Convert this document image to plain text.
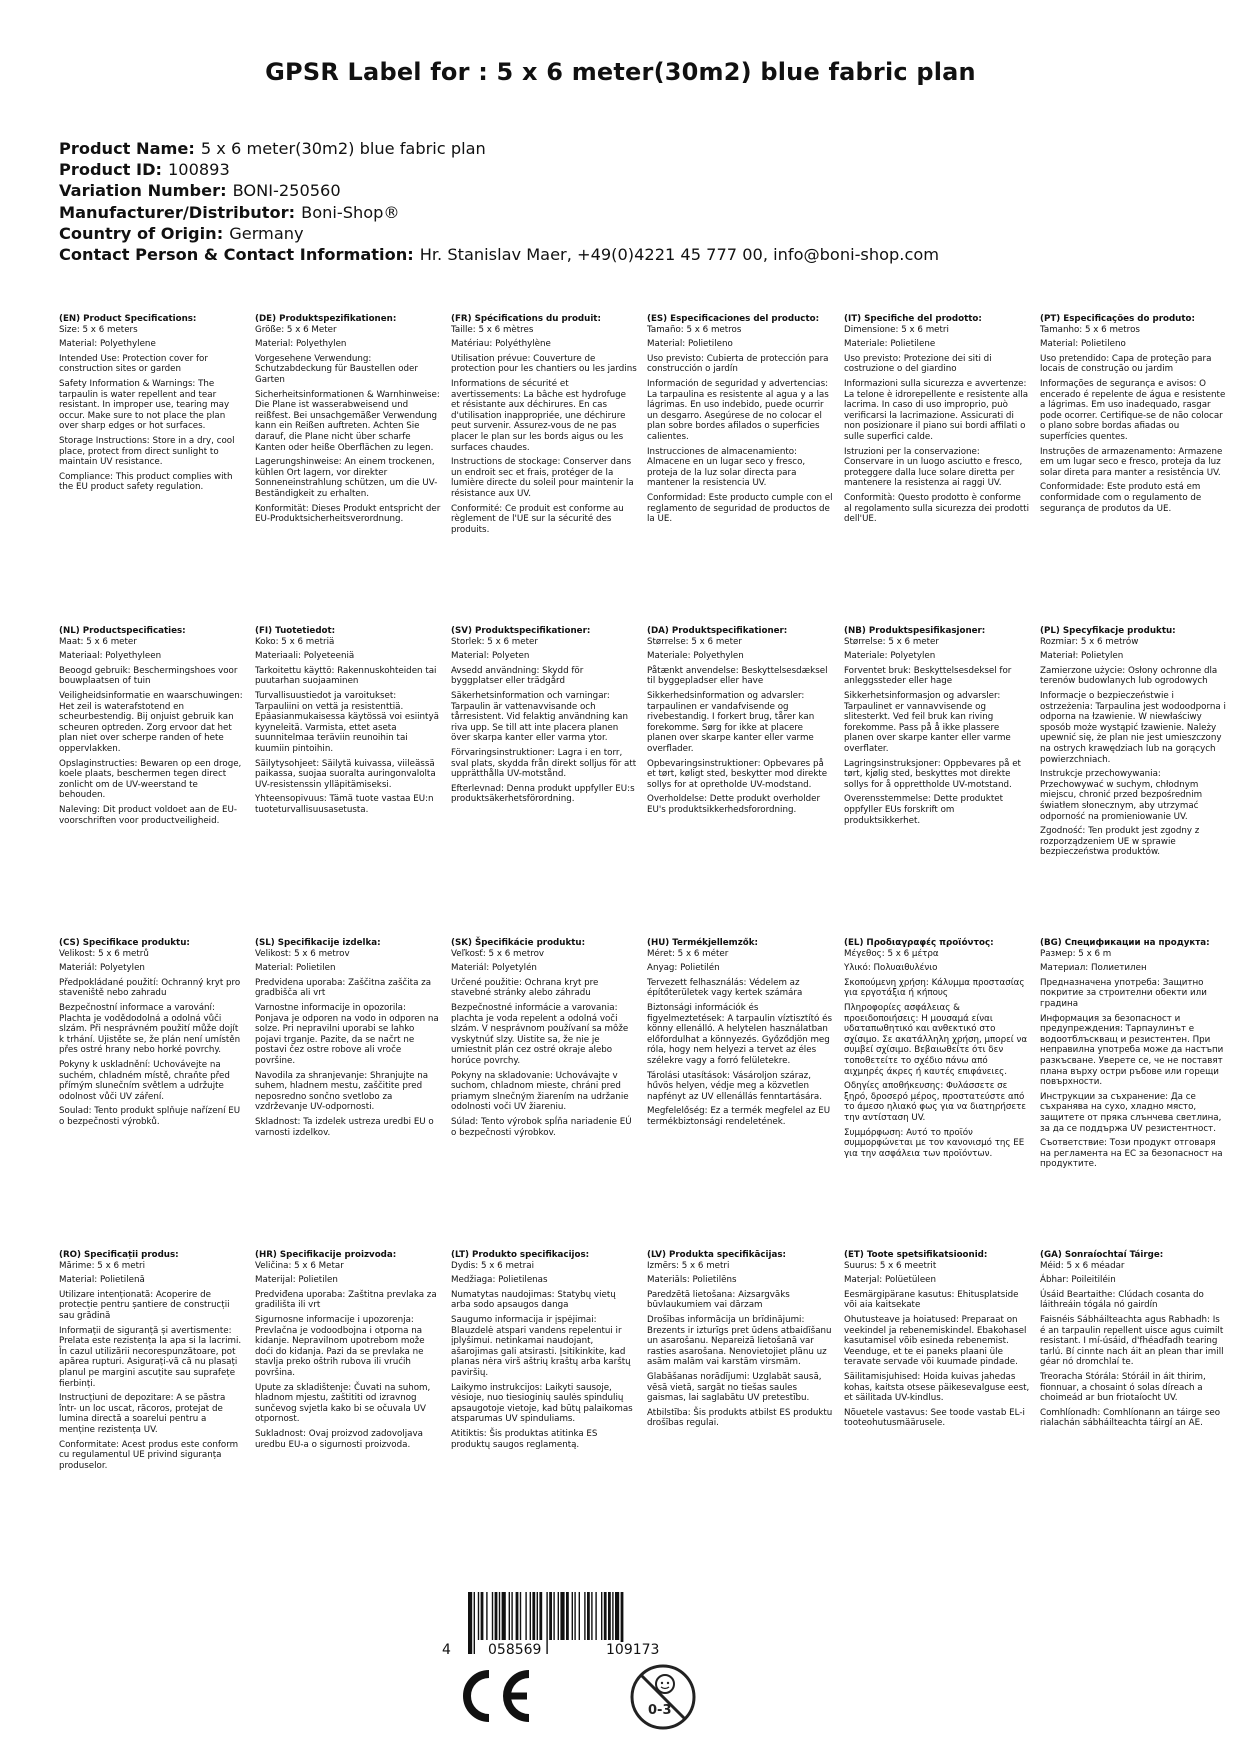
GPSR Label for : 5 x 6 meter(30m2) blue fabric plan
Product Name: 5 x 6 meter(30m2) blue fabric plan
Product ID: 100893
Variation Number: BONI-250560
Manufacturer/Distributor: Boni-Shop®
Country of Origin: Germany
Contact Person & Contact Information: Hr. Stanislav Maer, +49(0)4221 45 777 00, info@boni-shop.com
(EN) Product Specifications:
Size: 5 x 6 meters
Material: Polyethylene
Intended Use: Protection cover for construction sites or garden
Safety Information & Warnings: The tarpaulin is water repellent and tear resistant. In improper use, tearing may occur. Make sure to not place the plan over sharp edges or hot surfaces.
Storage Instructions: Store in a dry, cool place, protect from direct sunlight to maintain UV resistance.
Compliance: This product complies with the EU product safety regulation.
(DE) Produktspezifikationen:
Größe: 5 x 6 Meter
Material: Polyethylen
Vorgesehene Verwendung: Schutzabdeckung für Baustellen oder Garten
Sicherheitsinformationen & Warnhinweise: Die Plane ist wasserabweisend und reißfest. Bei unsachgemäßer Verwendung kann ein Reißen auftreten. Achten Sie darauf, die Plane nicht über scharfe Kanten oder heiße Oberflächen zu legen.
Lagerungshinweise: An einem trockenen, kühlen Ort lagern, vor direkter Sonneneinstrahlung schützen, um die UV-Beständigkeit zu erhalten.
Konformität: Dieses Produkt entspricht der EU-Produktsicherheitsverordnung.
(FR) Spécifications du produit:
Taille: 5 x 6 mètres
Matériau: Polyéthylène
Utilisation prévue: Couverture de protection pour les chantiers ou les jardins
Informations de sécurité et avertissements: La bâche est hydrofuge et résistante aux déchirures. En cas d'utilisation inappropriée, une déchirure peut survenir. Assurez-vous de ne pas placer le plan sur les bords aigus ou les surfaces chaudes.
Instructions de stockage: Conserver dans un endroit sec et frais, protéger de la lumière directe du soleil pour maintenir la résistance aux UV.
Conformité: Ce produit est conforme au règlement de l'UE sur la sécurité des produits.
(ES) Especificaciones del producto:
Tamaño: 5 x 6 metros
Material: Polietileno
Uso previsto: Cubierta de protección para construcción o jardín
Información de seguridad y advertencias: La tarpaulina es resistente al agua y a las lágrimas. En uso indebido, puede ocurrir un desgarro. Asegúrese de no colocar el plan sobre bordes afilados o superficies calientes.
Instrucciones de almacenamiento: Almacene en un lugar seco y fresco, proteja de la luz solar directa para mantener la resistencia UV.
Conformidad: Este producto cumple con el reglamento de seguridad de productos de la UE.
(IT) Specifiche del prodotto:
Dimensione: 5 x 6 metri
Materiale: Polietilene
Uso previsto: Protezione dei siti di costruzione o del giardino
Informazioni sulla sicurezza e avvertenze: La telone è idrorepellente e resistente alla lacrima. In caso di uso improprio, può verificarsi la lacrimazione. Assicurati di non posizionare il piano sui bordi affilati o sulle superfici calde.
Istruzioni per la conservazione: Conservare in un luogo asciutto e fresco, proteggere dalla luce solare diretta per mantenere la resistenza ai raggi UV.
Conformità: Questo prodotto è conforme al regolamento sulla sicurezza dei prodotti dell'UE.
(PT) Especificações do produto:
Tamanho: 5 x 6 metros
Material: Polietileno
Uso pretendido: Capa de proteção para locais de construção ou jardim
Informações de segurança e avisos: O encerado é repelente de água e resistente a lágrimas. Em uso inadequado, rasgar pode ocorrer. Certifique-se de não colocar o plano sobre bordas afiadas ou superfícies quentes.
Instruções de armazenamento: Armazene em um lugar seco e fresco, proteja da luz solar direta para manter a resistência UV.
Conformidade: Este produto está em conformidade com o regulamento de segurança de produtos da UE.
(NL) Productspecificaties:
Maat: 5 x 6 meter
Materiaal: Polyethyleen
Beoogd gebruik: Beschermingshoes voor bouwplaatsen of tuin
Veiligheidsinformatie en waarschuwingen: Het zeil is waterafstotend en scheurbestendig. Bij onjuist gebruik kan scheuren optreden. Zorg ervoor dat het plan niet over scherpe randen of hete oppervlakken.
Opslaginstructies: Bewaren op een droge, koele plaats, beschermen tegen direct zonlicht om de UV-weerstand te behouden.
Naleving: Dit product voldoet aan de EU-voorschriften voor productveiligheid.
(FI) Tuotetiedot:
Koko: 5 x 6 metriä
Materiaali: Polyeteeniä
Tarkoitettu käyttö: Rakennuskohteiden tai puutarhan suojaaminen
Turvallisuustiedot ja varoitukset: Tarpauliini on vettä ja resistenttiä. Epäasianmukaisessa käytössä voi esiintyä kyyneleitä. Varmista, ettet aseta suunnitelmaa teräviin reunoihin tai kuumiin pintoihin.
Säilytysohjeet: Säilytä kuivassa, viileässä paikassa, suojaa suoralta auringonvalolta UV-resistenssin ylläpitämiseksi.
Yhteensopivuus: Tämä tuote vastaa EU:n tuoteturvallisuusasetusta.
(SV) Produktspecifikationer:
Storlek: 5 x 6 meter
Material: Polyeten
Avsedd användning: Skydd för byggplatser eller trädgård
Säkerhetsinformation och varningar: Tarpaulin är vattenavvisande och tårresistent. Vid felaktig användning kan riva upp. Se till att inte placera planen över skarpa kanter eller varma ytor.
Förvaringsinstruktioner: Lagra i en torr, sval plats, skydda från direkt solljus för att upprätthålla UV-motstånd.
Efterlevnad: Denna produkt uppfyller EU:s produktsäkerhetsförordning.
(DA) Produktspecifikationer:
Størrelse: 5 x 6 meter
Materiale: Polyethylen
Påtænkt anvendelse: Beskyttelsesdæksel til byggepladser eller have
Sikkerhedsinformation og advarsler: tarpaulinen er vandafvisende og rivebestandig. I forkert brug, tårer kan forekomme. Sørg for ikke at placere planen over skarpe kanter eller varme overflader.
Opbevaringsinstruktioner: Opbevares på et tørt, køligt sted, beskytter mod direkte sollys for at opretholde UV-modstand.
Overholdelse: Dette produkt overholder EU's produktsikkerhedsforordning.
(NB) Produktspesifikasjoner:
Størrelse: 5 x 6 meter
Materiale: Polyetylen
Forventet bruk: Beskyttelsesdeksel for anleggssteder eller hage
Sikkerhetsinformasjon og advarsler: Tarpaulinet er vannavvisende og slitesterkt. Ved feil bruk kan riving forekomme. Pass på å ikke plassere planen over skarpe kanter eller varme overflater.
Lagringsinstruksjoner: Oppbevares på et tørt, kjølig sted, beskyttes mot direkte sollys for å opprettholde UV-motstand.
Overensstemmelse: Dette produktet oppfyller EUs forskrift om produktsikkerhet.
(PL) Specyfikacje produktu:
Rozmiar: 5 x 6 metrów
Materiał: Polietylen
Zamierzone użycie: Osłony ochronne dla terenów budowlanych lub ogrodowych
Informacje o bezpieczeństwie i ostrzeżenia: Tarpaulina jest wodoodporna i odporna na łzawienie. W niewłaściwy sposób może wystąpić łzawienie. Należy upewnić się, że plan nie jest umieszczony na ostrych krawędziach lub na gorących powierzchniach.
Instrukcje przechowywania: Przechowywać w suchym, chłodnym miejscu, chronić przed bezpośrednim światłem słonecznym, aby utrzymać odporność na promieniowanie UV.
Zgodność: Ten produkt jest zgodny z rozporządzeniem UE w sprawie bezpieczeństwa produktów.
(CS) Specifikace produktu:
Velikost: 5 x 6 metrů
Materiál: Polyetylen
Předpokládané použití: Ochranný kryt pro staveniště nebo zahradu
Bezpečnostní informace a varování: Plachta je vodědodolná a odolná vůči slzám. Při nesprávném použití může dojít k trhání. Ujistěte se, že plán není umístěn přes ostré hrany nebo horké povrchy.
Pokyny k uskladnění: Uchovávejte na suchém, chladném místě, chraňte před přímým slunečním světlem a udržujte odolnost vůči UV záření.
Soulad: Tento produkt splňuje nařízení EU o bezpečnosti výrobků.
(SL) Specifikacije izdelka:
Velikost: 5 x 6 metrov
Material: Polietilen
Predvidena uporaba: Zaščitna zaščita za gradbišča ali vrt
Varnostne informacije in opozorila: Ponjava je odporen na vodo in odporen na solze. Pri nepravilni uporabi se lahko pojavi trganje. Pazite, da se načrt ne postavi čez ostre robove ali vroče površine.
Navodila za shranjevanje: Shranjujte na suhem, hladnem mestu, zaščitite pred neposredno sončno svetlobo za vzdrževanje UV-odpornosti.
Skladnost: Ta izdelek ustreza uredbi EU o varnosti izdelkov.
(SK) Špecifikácie produktu:
Veľkosť: 5 x 6 metrov
Materiál: Polyetylén
Určené použitie: Ochrana kryt pre stavebné stránky alebo záhradu
Bezpečnostné informácie a varovania: plachta je voda repelent a odolná voči slzám. V nesprávnom používaní sa môže vyskytnúť slzy. Uistite sa, že nie je umiestnit plán cez ostré okraje alebo horúce povrchy.
Pokyny na skladovanie: Uchovávajte v suchom, chladnom mieste, chráni pred priamym slnečným žiarením na udržanie odolnosti voči UV žiareniu.
Súlad: Tento výrobok spĺňa nariadenie EÚ o bezpečnosti výrobkov.
(HU) Termékjellemzők:
Méret: 5 x 6 méter
Anyag: Polietilén
Tervezett felhasználás: Védelem az építőterületek vagy kertek számára
Biztonsági információk és figyelmeztetések: A tarpaulin víztisztító és könny ellenálló. A helytelen használatban előfordulhat a könnyezés. Győződjön meg róla, hogy nem helyezi a tervet az éles szélekre vagy a forró felületekre.
Tárolási utasítások: Vásároljon száraz, hűvös helyen, védje meg a közvetlen napfényt az UV ellenállás fenntartására.
Megfelelőség: Ez a termék megfelel az EU termékbiztonsági rendeletének.
(EL) Προδιαγραφές προϊόντος:
Μέγεθος: 5 x 6 μέτρα
Υλικό: Πολυαιθυλένιο
Σκοπούμενη χρήση: Κάλυμμα προστασίας για εργοτάξια ή κήπους
Πληροφορίες ασφάλειας & προειδοποιήσεις: Η μουσαμά είναι υδαταπωθητικό και ανθεκτικό στο σχίσιμο. Σε ακατάλληλη χρήση, μπορεί να συμβεί σχίσιμο. Βεβαιωθείτε ότι δεν τοποθετείτε το σχέδιο πάνω από αιχμηρές άκρες ή καυτές επιφάνειες.
Οδηγίες αποθήκευσης: Φυλάσσετε σε ξηρό, δροσερό μέρος, προστατεύστε από το άμεσο ηλιακό φως για να διατηρήσετε την αντίσταση UV.
Συμμόρφωση: Αυτό το προϊόν συμμορφώνεται με τον κανονισμό της ΕΕ για την ασφάλεια των προϊόντων.
(BG) Спецификации на продукта:
Размер: 5 x 6 m
Материал: Полиетилен
Предназначена употреба: Защитно покритие за строителни обекти или градина
Информация за безопасност и предупреждения: Тарпаулинът е водоотблъскващ и резистентен. При неправилна употреба може да настъпи разкъсване. Уверете се, че не поставят плана върху остри ръбове или горещи повърхности.
Инструкции за съхранение: Да се съхранява на сухо, хладно място, защитете от пряка слънчева светлина, за да се поддържа UV резистентност.
Съответствие: Този продукт отговаря на регламента на ЕС за безопасност на продуктите.
(RO) Specificații produs:
Mărime: 5 x 6 metri
Material: Polietilenă
Utilizare intenționată: Acoperire de protecție pentru șantiere de construcții sau grădină
Informații de siguranță și avertismente: Prelata este rezistența la apa si la lacrimi. În cazul utilizării necorespunzătoare, pot apărea rupturi. Asigurați-vă că nu plasați planul pe margini ascuțite sau suprafețe fierbinți.
Instrucțiuni de depozitare: A se păstra într- un loc uscat, răcoros, protejat de lumina directă a soarelui pentru a menține rezistența UV.
Conformitate: Acest produs este conform cu regulamentul UE privind siguranța produselor.
(HR) Specifikacije proizvoda:
Veličina: 5 x 6 Metar
Materijal: Polietilen
Predviđena uporaba: Zaštitna prevlaka za gradilišta ili vrt
Sigurnosne informacije i upozorenja: Prevlačna je vodoodbojna i otporna na kidanje. Nepravilnom upotrebom može doći do kidanja. Pazi da se prevlaka ne stavlja preko oštrih rubova ili vrućih površina.
Upute za skladištenje: Čuvati na suhom, hladnom mjestu, zaštititi od izravnog sunčevog svjetla kako bi se očuvala UV otpornost.
Sukladnost: Ovaj proizvod zadovoljava uredbu EU-a o sigurnosti proizvoda.
(LT) Produkto specifikacijos:
Dydis: 5 x 6 metrai
Medžiaga: Polietilenas
Numatytas naudojimas: Statybų vietų arba sodo apsaugos danga
Saugumo informacija ir įspėjimai: Blauzdelė atspari vandens repelentui ir įplyšimui. netinkamai naudojant, ašarojimas gali atsirasti. Įsitikinkite, kad planas nėra virš aštrių kraštų arba karštų paviršių.
Laikymo instrukcijos: Laikyti sausoje, vėsioje, nuo tiesioginių saulės spindulių apsaugotoje vietoje, kad būtų palaikomas atsparumas UV spinduliams.
Atitiktis: Šis produktas atitinka ES produktų saugos reglamentą.
(LV) Produkta specifikācijas:
Izmērs: 5 x 6 metri
Materiāls: Polietilēns
Paredzētā lietošana: Aizsargvāks būvlaukumiem vai dārzam
Drošības informācija un brīdinājumi: Brezents ir izturīgs pret ūdens atbaidīšanu un asarošanu. Nepareizā lietošanā var rasties asarošana. Nenovietojiet plānu uz asām malām vai karstām virsmām.
Glabāšanas norādījumi: Uzglabāt sausā, vēsā vietā, sargāt no tiešas saules gaismas, lai saglabātu UV pretestību.
Atbilstība: Šis produkts atbilst ES produktu drošības regulai.
(ET) Toote spetsifikatsioonid:
Suurus: 5 x 6 meetrit
Materjal: Polüetüleen
Eesmärgipärane kasutus: Ehitusplatside või aia kaitsekate
Ohutusteave ja hoiatused: Preparaat on veekindel ja rebenemiskindel. Ebakohasel kasutamisel võib esineda rebenemist. Veenduge, et te ei paneks plaani üle teravate servade või kuumade pindade.
Säilitamisjuhised: Hoida kuivas jahedas kohas, kaitsta otsese päikesevalguse eest, et säilitada UV-kindlus.
Nõuetele vastavus: See toode vastab EL-i tooteohutusmäärusele.
(GA) Sonraíochtaí Táirge:
Méid: 5 x 6 méadar
Ábhar: Poileitiléin
Úsáid Beartaithe: Clúdach cosanta do láithreáin tógála nó gairdín
Faisnéis Sábháilteachta agus Rabhadh: Is é an tarpaulin repellent uisce agus cuimilt resistant. I mí-úsáid, d'fhéadfadh tearing tarlú. Bí cinnte nach áit an plean thar imill géar nó dromchlaí te.
Treoracha Stórála: Stóráil in áit thirim, fionnuar, a chosaint ó solas díreach a choimeád ar bun friotaíocht UV.
Comhlíonadh: Comhlíonann an táirge seo rialachán sábháilteachta táirgí an AE.
4	058569	109173
0-3
